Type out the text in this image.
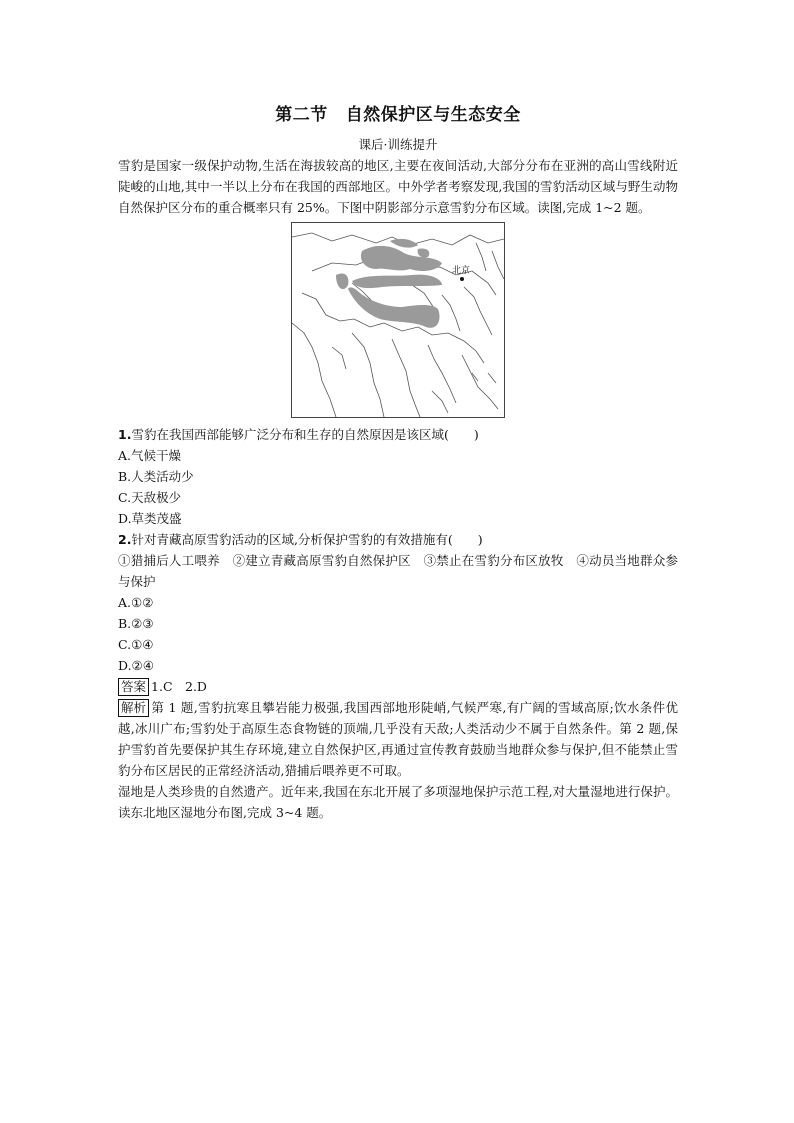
第二节 自然保护区与生态安全
课后·训练提升

雪豹是国家一级保护动物,生活在海拔较高的地区,主要在夜间活动,大部分分布在亚洲的高山雪线附近陡峻的山地,其中一半以上分布在我国的西部地区。中外学者考察发现,我国的雪豹活动区域与野生动物自然保护区分布的重合概率只有 25%。下图中阴影部分示意雪豹分布区域。读图,完成 1~2 题。

北京
1.雪豹在我国西部能够广泛分布和生存的自然原因是该区域(　　)
A.气候干燥
B.人类活动少
C.天敌极少
D.草类茂盛
2.针对青藏高原雪豹活动的区域,分析保护雪豹的有效措施有(　　)

①猎捕后人工喂养　②建立青藏高原雪豹自然保护区　③禁止在雪豹分布区放牧　④动员当地群众参与保护

A.①②
B.②③
C.①④
D.②④
答案 1.C　2.D

解析 第 1 题,雪豹抗寒且攀岩能力极强,我国西部地形陡峭,气候严寒,有广阔的雪域高原;饮水条件优越,冰川广布;雪豹处于高原生态食物链的顶端,几乎没有天敌;人类活动少不属于自然条件。第 2 题,保护雪豹首先要保护其生存环境,建立自然保护区,再通过宣传教育鼓励当地群众参与保护,但不能禁止雪豹分布区居民的正常经济活动,猎捕后喂养更不可取。

湿地是人类珍贵的自然遗产。近年来,我国在东北开展了多项湿地保护示范工程,对大量湿地进行保护。读东北地区湿地分布图,完成 3~4 题。
